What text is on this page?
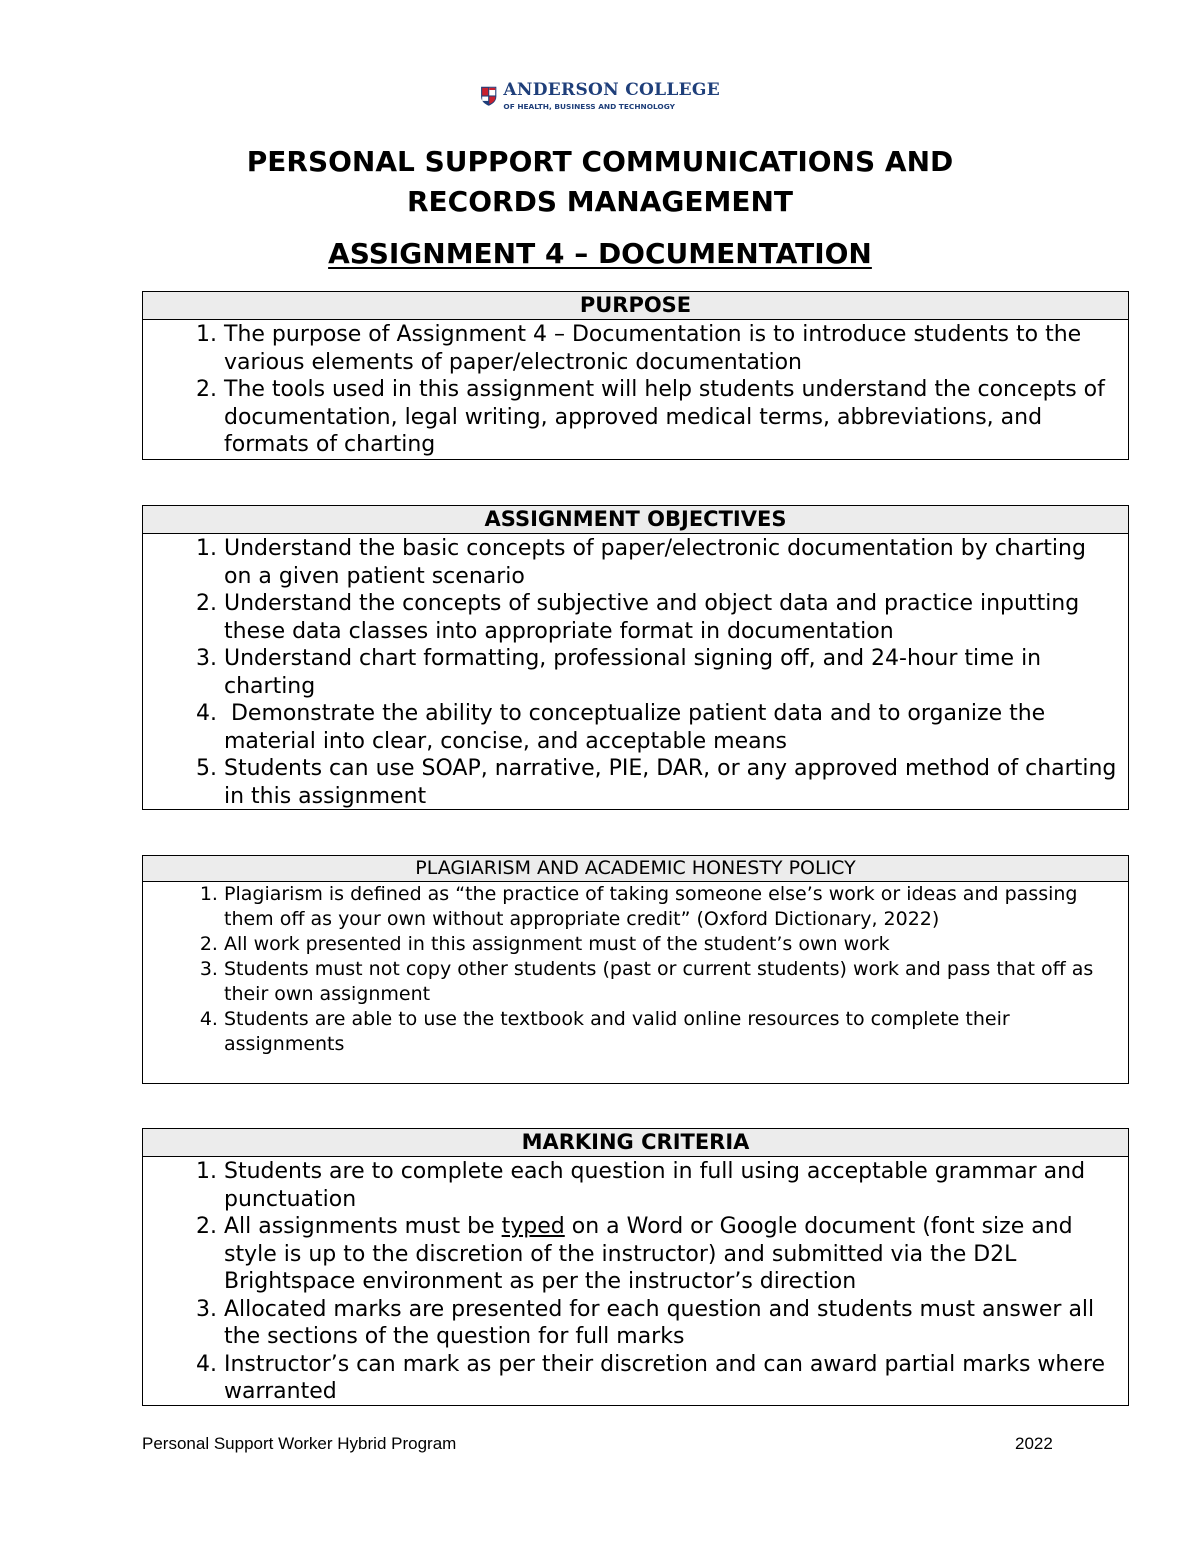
ANDERSON COLLEGE
OF HEALTH, BUSINESS AND TECHNOLOGY
PERSONAL SUPPORT COMMUNICATIONS AND
RECORDS MANAGEMENT
ASSIGNMENT 4 – DOCUMENTATION
PURPOSE
1. The purpose of Assignment 4 – Documentation is to introduce students to the various elements of paper/electronic documentation
2. The tools used in this assignment will help students understand the concepts of documentation, legal writing, approved medical terms, abbreviations, and formats of charting
ASSIGNMENT OBJECTIVES
1. Understand the basic concepts of paper/electronic documentation by charting on a given patient scenario
2. Understand the concepts of subjective and object data and practice inputting these data classes into appropriate format in documentation
3. Understand chart formatting, professional signing off, and 24-hour time in charting
4.  Demonstrate the ability to conceptualize patient data and to organize the material into clear, concise, and acceptable means
5. Students can use SOAP, narrative, PIE, DAR, or any approved method of charting in this assignment
PLAGIARISM AND ACADEMIC HONESTY POLICY
1. Plagiarism is defined as “the practice of taking someone else’s work or ideas and passing them off as your own without appropriate credit” (Oxford Dictionary, 2022)
2. All work presented in this assignment must of the student’s own work
3. Students must not copy other students (past or current students) work and pass that off as their own assignment
4. Students are able to use the textbook and valid online resources to complete their assignments
MARKING CRITERIA
1. Students are to complete each question in full using acceptable grammar and punctuation
2. All assignments must be typed on a Word or Google document (font size and style is up to the discretion of the instructor) and submitted via the D2L Brightspace environment as per the instructor’s direction
3. Allocated marks are presented for each question and students must answer all the sections of the question for full marks
4. Instructor’s can mark as per their discretion and can award partial marks where warranted
Personal Support Worker Hybrid Program	2022
